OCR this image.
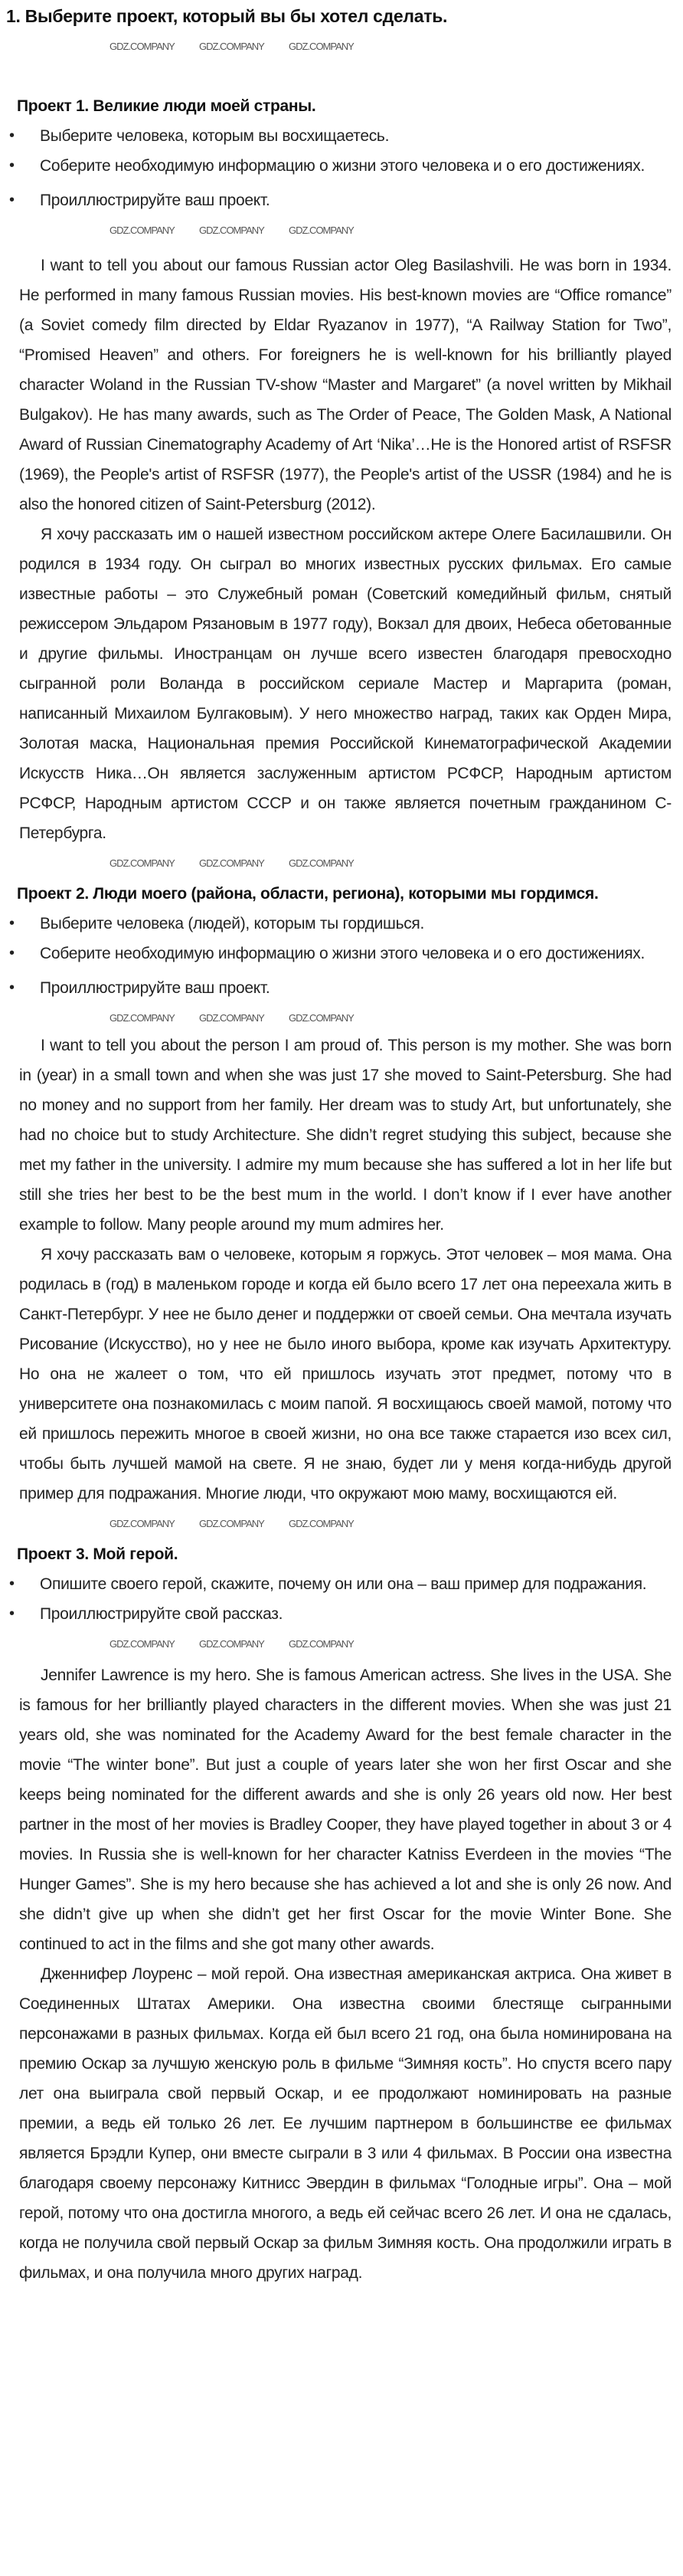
1. Выберите проект, который вы бы хотел сделать.
GDZ.COMPANY GDZ.COMPANY GDZ.COMPANY
Проект 1. Великие люди моей страны.
•	Выберите человека, которым вы восхищаетесь.
•	Соберите необходимую информацию о жизни этого человека и о его достижениях.
•	Проиллюстрируйте ваш проект.
GDZ.COMPANY GDZ.COMPANY GDZ.COMPANY
I want to tell you about our famous Russian actor Oleg Basilashvili. He was born in 1934. He performed in many famous Russian movies. His best-known movies are “Office romance” (a Soviet comedy film directed by Eldar Ryazanov in 1977), “A Railway Station for Two”, “Promised Heaven” and others. For foreigners he is well-known for his brilliantly played character Woland in the Russian TV-show “Master and Margaret” (a novel written by Mikhail Bulgakov). He has many awards, such as The Order of Peace, The Golden Mask, A National Award of Russian Cinematography Academy of Art ‘Nika’…He is the Honored artist of RSFSR (1969), the People's artist of RSFSR (1977), the People's artist of the USSR (1984) and he is also the honored citizen of Saint-Petersburg (2012).
Я хочу рассказать им о нашей известном российском актере Олеге Басилашвили. Он родился в 1934 году. Он сыграл во многих известных русских фильмах. Его самые известные работы – это Служебный роман (Советский комедийный фильм, снятый режиссером Эльдаром Рязановым в 1977 году), Вокзал для двоих, Небеса обетованные и другие фильмы. Иностранцам он лучше всего известен благодаря превосходно сыгранной роли Воланда в российском сериале Мастер и Маргарита (роман, написанный Михаилом Булгаковым). У него множество наград, таких как Орден Мира, Золотая маска, Национальная премия Российской Кинематографической Академии Искусств Ника…Он является заслуженным артистом РСФСР, Народным артистом РСФСР, Народным артистом СССР и он также является почетным гражданином С-Петербурга.
GDZ.COMPANY GDZ.COMPANY GDZ.COMPANY
Проект 2. Люди моего (района, области, региона), которыми мы гордимся.
•	Выберите человека (людей), которым ты гордишься.
•	Соберите необходимую информацию о жизни этого человека и о его достижениях.
•	Проиллюстрируйте ваш проект.
GDZ.COMPANY GDZ.COMPANY GDZ.COMPANY
I want to tell you about the person I am proud of. This person is my mother. She was born in (year) in a small town and when she was just 17 she moved to Saint-Petersburg. She had no money and no support from her family. Her dream was to study Art, but unfortunately, she had no choice but to study Architecture. She didn’t regret studying this subject, because she met my father in the university. I admire my mum because she has suffered a lot in her life but still she tries her best to be the best mum in the world. I don’t know if I ever have another example to follow. Many people around my mum admires her.
Я хочу рассказать вам о человеке, которым я горжусь. Этот человек – моя мама. Она родилась в (год) в маленьком городе и когда ей было всего 17 лет она переехала жить в Санкт-Петербург. У нее не было денег и поддержки от своей семьи. Она мечтала изучать Рисование (Искусство), но у нее не было иного выбора, кроме как изучать Архитектуру. Но она не жалеет о том, что ей пришлось изучать этот предмет, потому что в университете она познакомилась с моим папой. Я восхищаюсь своей мамой, потому что ей пришлось пережить многое в своей жизни, но она все также старается изо всех сил, чтобы быть лучшей мамой на свете. Я не знаю, будет ли у меня когда-нибудь другой пример для подражания. Многие люди, что окружают мою маму, восхищаются ей.
GDZ.COMPANY GDZ.COMPANY GDZ.COMPANY
Проект 3. Мой герой.
•	Опишите своего герой, скажите, почему он или она – ваш пример для подражания.
•	Проиллюстрируйте свой рассказ.
GDZ.COMPANY GDZ.COMPANY GDZ.COMPANY
Jennifer Lawrence is my hero. She is famous American actress. She lives in the USA. She is famous for her brilliantly played characters in the different movies. When she was just 21 years old, she was nominated for the Academy Award for the best female character in the movie “The winter bone”. But just a couple of years later she won her first Oscar and she keeps being nominated for the different awards and she is only 26 years old now. Her best partner in the most of her movies is Bradley Cooper, they have played together in about 3 or 4 movies. In Russia she is well-known for her character Katniss Everdeen in the movies “The Hunger Games”. She is my hero because she has achieved a lot and she is only 26 now. And she didn’t give up when she didn’t get her first Oscar for the movie Winter Bone. She continued to act in the films and she got many other awards.
Дженнифер Лоуренс – мой герой. Она известная американская актриса. Она живет в Соединенных Штатах Америки. Она известна своими блестяще сыгранными персонажами в разных фильмах. Когда ей был всего 21 год, она была номинирована на премию Оскар за лучшую женскую роль в фильме “Зимняя кость”. Но спустя всего пару лет она выиграла свой первый Оскар, и ее продолжают номинировать на разные премии, а ведь ей только 26 лет. Ее лучшим партнером в большинстве ее фильмах является Брэдли Купер, они вместе сыграли в 3 или 4 фильмах. В России она известна благодаря своему персонажу Китнисс Эвердин в фильмах “Голодные игры”. Она – мой герой, потому что она достигла многого, а ведь ей сейчас всего 26 лет. И она не сдалась, когда не получила свой первый Оскар за фильм Зимняя кость. Она продолжили играть в фильмах, и она получила много других наград.
